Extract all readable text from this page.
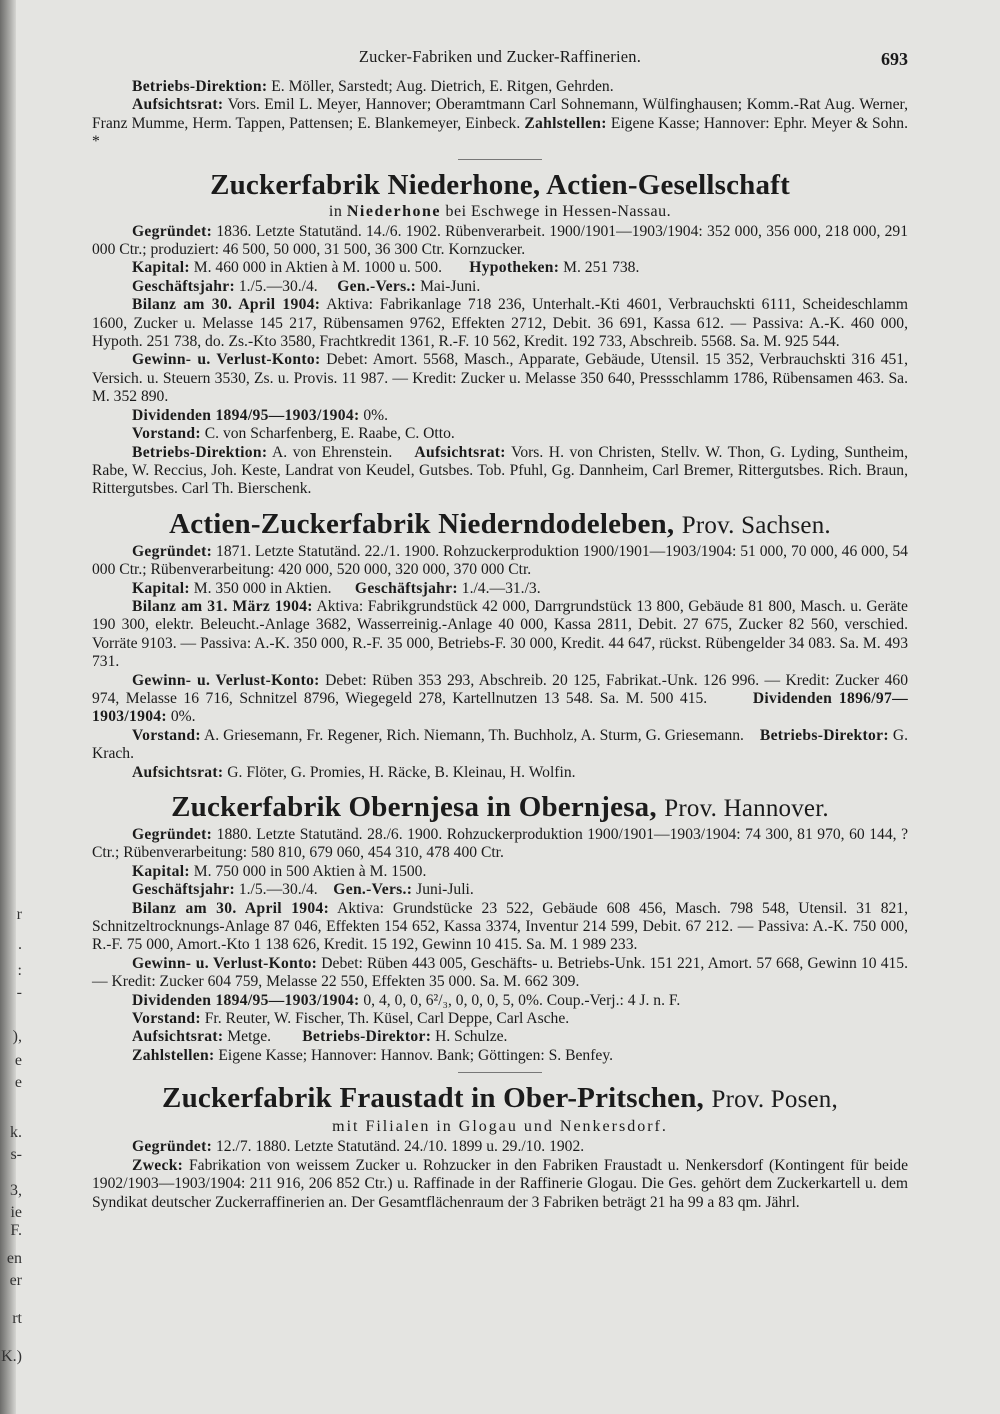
r
.
:
-
),
e
e
k.
s-
3,
ie
F.
en
er
rt
K.)
Zucker-Fabriken und Zucker-Raffinerien.	693

Betriebs-Direktion: E. Möller, Sarstedt; Aug. Dietrich, E. Ritgen, Gehrden.

Aufsichtsrat: Vors. Emil L. Meyer, Hannover; Oberamtmann Carl Sohnemann, Wülfinghausen; Komm.-Rat Aug. Werner, Franz Mumme, Herm. Tappen, Pattensen; E. Blankemeyer, Einbeck. Zahlstellen: Eigene Kasse; Hannover: Ephr. Meyer & Sohn. *

Zuckerfabrik Niederhone, Actien-Gesellschaft
in Niederhone bei Eschwege in Hessen-Nassau.

Gegründet: 1836. Letzte Statutänd. 14./6. 1902. Rübenverarbeit. 1900/1901—1903/1904: 352 000, 356 000, 218 000, 291 000 Ctr.; produziert: 46 500, 50 000, 31 500, 36 300 Ctr. Kornzucker.

Kapital: M. 460 000 in Aktien à M. 1000 u. 500. Hypotheken: M. 251 738.

Geschäftsjahr: 1./5.—30./4. Gen.-Vers.: Mai-Juni.

Bilanz am 30. April 1904: Aktiva: Fabrikanlage 718 236, Unterhalt.-Kti 4601, Verbrauchskti 6111, Scheideschlamm 1600, Zucker u. Melasse 145 217, Rübensamen 9762, Effekten 2712, Debit. 36 691, Kassa 612. — Passiva: A.-K. 460 000, Hypoth. 251 738, do. Zs.-Kto 3580, Frachtkredit 1361, R.-F. 10 562, Kredit. 192 733, Abschreib. 5568. Sa. M. 925 544.

Gewinn- u. Verlust-Konto: Debet: Amort. 5568, Masch., Apparate, Gebäude, Utensil. 15 352, Verbrauchskti 316 451, Versich. u. Steuern 3530, Zs. u. Provis. 11 987. — Kredit: Zucker u. Melasse 350 640, Pressschlamm 1786, Rübensamen 463. Sa. M. 352 890.

Dividenden 1894/95—1903/1904: 0%.

Vorstand: C. von Scharfenberg, E. Raabe, C. Otto.

Betriebs-Direktion: A. von Ehrenstein. Aufsichtsrat: Vors. H. von Christen, Stellv. W. Thon, G. Lyding, Suntheim, Rabe, W. Reccius, Joh. Keste, Landrat von Keudel, Gutsbes. Tob. Pfuhl, Gg. Dannheim, Carl Bremer, Rittergutsbes. Rich. Braun, Rittergutsbes. Carl Th. Bierschenk.

Actien-Zuckerfabrik Niederndodeleben, Prov. Sachsen.

Gegründet: 1871. Letzte Statutänd. 22./1. 1900. Rohzuckerproduktion 1900/1901—1903/1904: 51 000, 70 000, 46 000, 54 000 Ctr.; Rübenverarbeitung: 420 000, 520 000, 320 000, 370 000 Ctr.

Kapital: M. 350 000 in Aktien. Geschäftsjahr: 1./4.—31./3.

Bilanz am 31. März 1904: Aktiva: Fabrikgrundstück 42 000, Darrgrundstück 13 800, Gebäude 81 800, Masch. u. Geräte 190 300, elektr. Beleucht.-Anlage 3682, Wasserreinig.-Anlage 40 000, Kassa 2811, Debit. 27 675, Zucker 82 560, verschied. Vorräte 9103. — Passiva: A.-K. 350 000, R.-F. 35 000, Betriebs-F. 30 000, Kredit. 44 647, rückst. Rübengelder 34 083. Sa. M. 493 731.

Gewinn- u. Verlust-Konto: Debet: Rüben 353 293, Abschreib. 20 125, Fabrikat.-Unk. 126 996. — Kredit: Zucker 460 974, Melasse 16 716, Schnitzel 8796, Wiegegeld 278, Kartellnutzen 13 548. Sa. M. 500 415.	Dividenden 1896/97—1903/1904: 0%.

Vorstand: A. Griesemann, Fr. Regener, Rich. Niemann, Th. Buchholz, A. Sturm, G. Griesemann. Betriebs-Direktor: G. Krach.

Aufsichtsrat: G. Flöter, G. Promies, H. Räcke, B. Kleinau, H. Wolfin.

Zuckerfabrik Obernjesa in Obernjesa, Prov. Hannover.

Gegründet: 1880. Letzte Statutänd. 28./6. 1900. Rohzuckerproduktion 1900/1901—1903/1904: 74 300, 81 970, 60 144, ? Ctr.; Rübenverarbeitung: 580 810, 679 060, 454 310, 478 400 Ctr.

Kapital: M. 750 000 in 500 Aktien à M. 1500.

Geschäftsjahr: 1./5.—30./4. Gen.-Vers.: Juni-Juli.

Bilanz am 30. April 1904: Aktiva: Grundstücke 23 522, Gebäude 608 456, Masch. 798 548, Utensil. 31 821, Schnitzeltrocknungs-Anlage 87 046, Effekten 154 652, Kassa 3374, Inventur 214 599, Debit. 67 212. — Passiva: A.-K. 750 000, R.-F. 75 000, Amort.-Kto 1 138 626, Kredit. 15 192, Gewinn 10 415. Sa. M. 1 989 233.

Gewinn- u. Verlust-Konto: Debet: Rüben 443 005, Geschäfts- u. Betriebs-Unk. 151 221, Amort. 57 668, Gewinn 10 415. — Kredit: Zucker 604 759, Melasse 22 550, Effekten 35 000. Sa. M. 662 309.

Dividenden 1894/95—1903/1904: 0, 4, 0, 0, 6²/₃, 0, 0, 0, 5, 0%. Coup.-Verj.: 4 J. n. F.

Vorstand: Fr. Reuter, W. Fischer, Th. Küsel, Carl Deppe, Carl Asche.

Aufsichtsrat: Metge. Betriebs-Direktor: H. Schulze.

Zahlstellen: Eigene Kasse; Hannover: Hannov. Bank; Göttingen: S. Benfey.

Zuckerfabrik Fraustadt in Ober-Pritschen, Prov. Posen,
mit Filialen in Glogau und Nenkersdorf.

Gegründet: 12./7. 1880. Letzte Statutänd. 24./10. 1899 u. 29./10. 1902.

Zweck: Fabrikation von weissem Zucker u. Rohzucker in den Fabriken Fraustadt u. Nenkersdorf (Kontingent für beide 1902/1903—1903/1904: 211 916, 206 852 Ctr.) u. Raffinade in der Raffinerie Glogau. Die Ges. gehört dem Zuckerkartell u. dem Syndikat deutscher Zuckerraffinerien an. Der Gesamtflächenraum der 3 Fabriken beträgt 21 ha 99 a 83 qm. Jährl.
